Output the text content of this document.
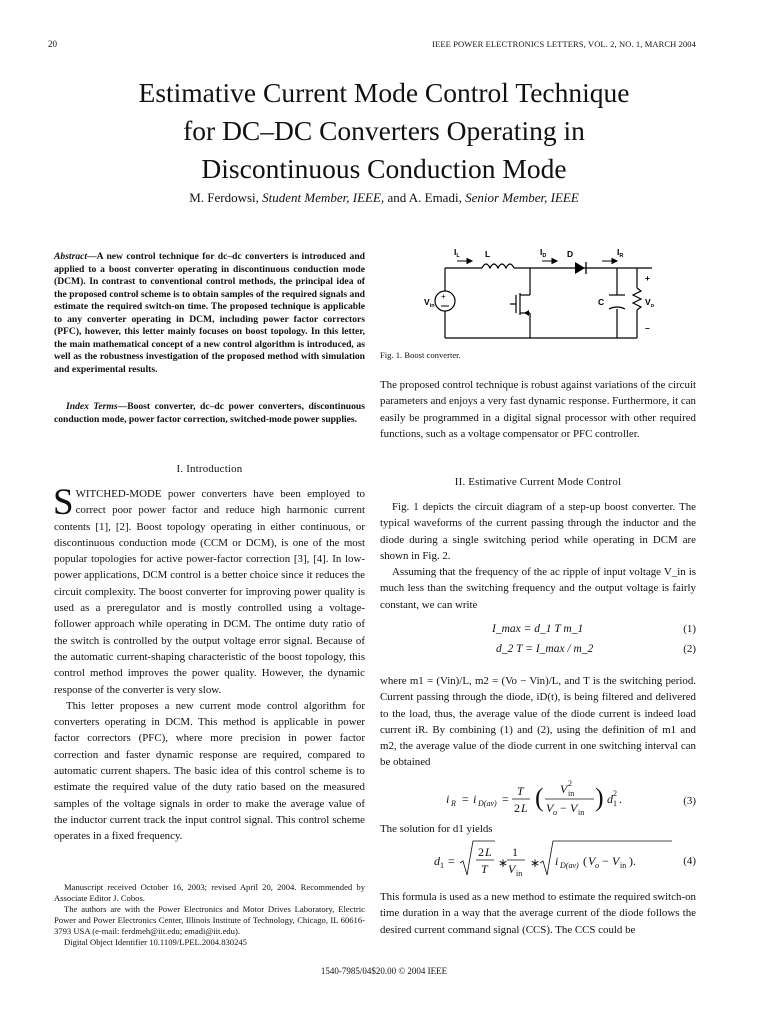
20	IEEE POWER ELECTRONICS LETTERS, VOL. 2, NO. 1, MARCH 2004
Estimative Current Mode Control Technique
for DC–DC Converters Operating in
Discontinuous Conduction Mode
M. Ferdowsi, Student Member, IEEE, and A. Emadi, Senior Member, IEEE

Abstract—A new control technique for dc–dc converters is introduced and applied to a boost converter operating in discontinuous conduction mode (DCM). In contrast to conventional control methods, the principal idea of the proposed control scheme is to obtain samples of the required signals and estimate the required switch-on time. The proposed technique is applicable to any converter operating in DCM, including power factor correctors (PFC), however, this letter mainly focuses on boost topology. In this letter, the main mathematical concept of a new control algorithm is introduced, as well as the robustness investigation of the proposed method with simulation and experimental results.

Index Terms—Boost converter, dc–dc power converters, discontinuous conduction mode, power factor correction, switched-mode power supplies.

I. Introduction

SWITCHED-MODE power converters have been employed to correct poor power factor and reduce high harmonic current contents [1], [2]. Boost topology operating in either continuous, or discontinuous conduction mode (CCM or DCM), is one of the most popular topologies for active power-factor correction [3], [4]. In low-power applications, DCM control is a better choice since it reduces the circuit complexity. The boost converter for improving power quality is used as a preregulator and is mostly controlled using a voltage-follower approach while operating in DCM. The ontime duty ratio of the switch is controlled by the output voltage error signal. Because of the automatic current-shaping characteristic of the boost topology, this control method improves the power quality. However, the dynamic response of the converter is very slow.

This letter proposes a new current mode control algorithm for converters operating in DCM. This method is applicable in power factor correctors (PFC), where more precision in power factor correction and faster dynamic response are required, compared to automatic current shapers. The basic idea of this control scheme is to estimate the required value of the duty ratio based on the measured samples of the voltage signals in order to make the average value of the inductor current track the input control signal. This control scheme operates in a fixed frequency.

Manuscript received October 16, 2003; revised April 20, 2004. Recommended by Associate Editor J. Cobos.

The authors are with the Power Electronics and Motor Drives Laboratory, Electric Power and Power Electronics Center, Illinois Institute of Technology, Chicago, IL 60616-3793 USA (e-mail: ferdmeh@iit.edu; emadi@iit.edu).

Digital Object Identifier 10.1109/LPEL.2004.830245

+
$I_L$	L	$I_D$ D	$I_R$
$V_{in}$	C	$V_o$
+
–
Fig. 1. Boost converter.
The proposed control technique is robust against variations of the circuit parameters and enjoys a very fast dynamic response. Furthermore, it can easily be programmed in a digital signal processor with other required functions, such as a voltage compensator or PFC controller.
II. Estimative Current Mode Control

Fig. 1 depicts the circuit diagram of a step-up boost converter. The typical waveforms of the current passing through the inductor and the diode during a single switching period while operating in DCM are shown in Fig. 2.

Assuming that the frequency of the ac ripple of input voltage V_in is much less than the switching frequency and the output voltage is fairly constant, we can write

I_max = d_1 T m_1	(1)
d_2 T = I_max / m_2	(2)

where m1 = (Vin)/L, m2 = (Vo − Vin)/L, and T is the switching period. Current passing through the diode, iD(t), is being filtered and delivered to the load, thus, the average value of the diode current is indeed load current iR. By combining (1) and (2), using the definition of m1 and m2, the average value of the diode current in one switching interval can be obtained

i R = i D(av) =
T
2 L ( V in
2
V o − V in
) d 1
2 .	(3)

The solution for d1 yields

d 1 =
2 L
T ∗
1
V in
∗ i D(av) ( V o − V in ).	(4)
This formula is used as a new method to estimate the required switch-on time duration in a way that the average current of the diode follows the desired current command signal (CCS). The CCS could be
1540-7985/04$20.00 © 2004 IEEE
